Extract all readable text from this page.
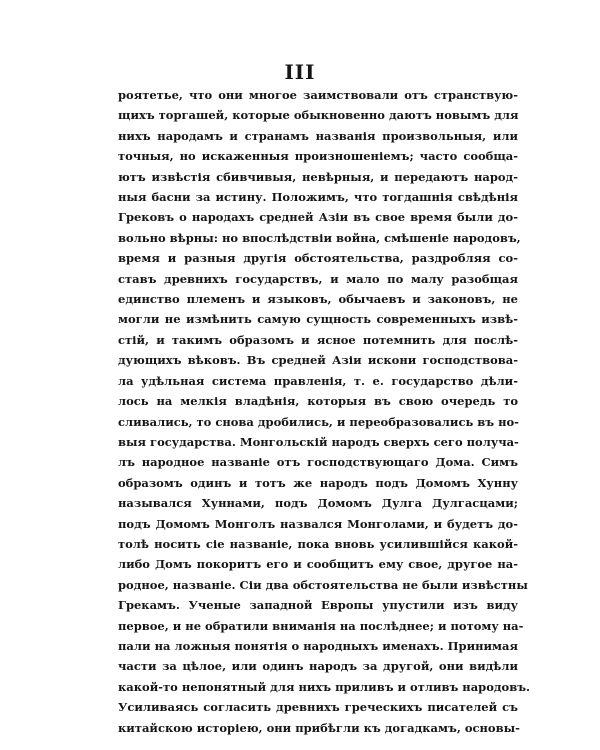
III
роятетье, что они многое заимствовали отъ странствую-
щихъ торгашей, которые обыкновенно даютъ новымъ для
нихъ народамъ и странамъ названія произвольныя, или
точныя, но искаженныя произношеніемъ; часто сообща-
ютъ извѣстія сбивчивыя, невѣрныя, и передаютъ народ-
ныя басни за истину. Положимъ, что тогдашнія свѣдѣнія
Грековъ о народахъ средней Азіи въ свое время были до-
вольно вѣрны: но впослѣдствіи война, смѣшеніе народовъ,
время и разныя другія обстоятельства, раздробляя со-
ставъ древнихъ государствъ, и мало по малу разобщая
единство племенъ и языковъ, обычаевъ и законовъ, не
могли не измѣнить самую сущность современныхъ извѣ-
стій, и такимъ образомъ и ясное потемнить для послѣ-
дующихъ вѣковъ. Въ средней Азіи искони господствова-
ла удѣльная система правленія, т. е. государство дѣли-
лось на мелкія владѣнія, которыя въ свою очередь то
сливались, то снова дробились, и переобразовались въ но-
выя государства. Монгольскій народъ сверхъ сего получа-
лъ народное названіе отъ господствующаго Дома. Симъ
образомъ одинъ и тотъ же народъ подъ Домомъ Хунну
назывался Хуннами, подъ Домомъ Дулга Дулгасцами;
подъ Домомъ Монголъ назвался Монголами, и будетъ до-
толѣ носить сіе названіе, пока вновь усилившійся какой-
либо Домъ покоритъ его и сообщитъ ему свое, другое на-
родное, названіе. Сіи два обстоятельства не были извѣстны
Грекамъ. Ученые западной Европы упустили изъ виду
первое, и не обратили вниманія на послѣднее; и потому на-
пали на ложныя понятія о народныхъ именахъ. Принимая
части за цѣлое, или одинъ народъ за другой, они видѣли
какой-то непонятный для нихъ приливъ и отливъ народовъ.
Усиливаясь согласить древнихъ греческихъ писателей съ
китайскою исторіею, они прибѣгли къ догадкамъ, основы-
